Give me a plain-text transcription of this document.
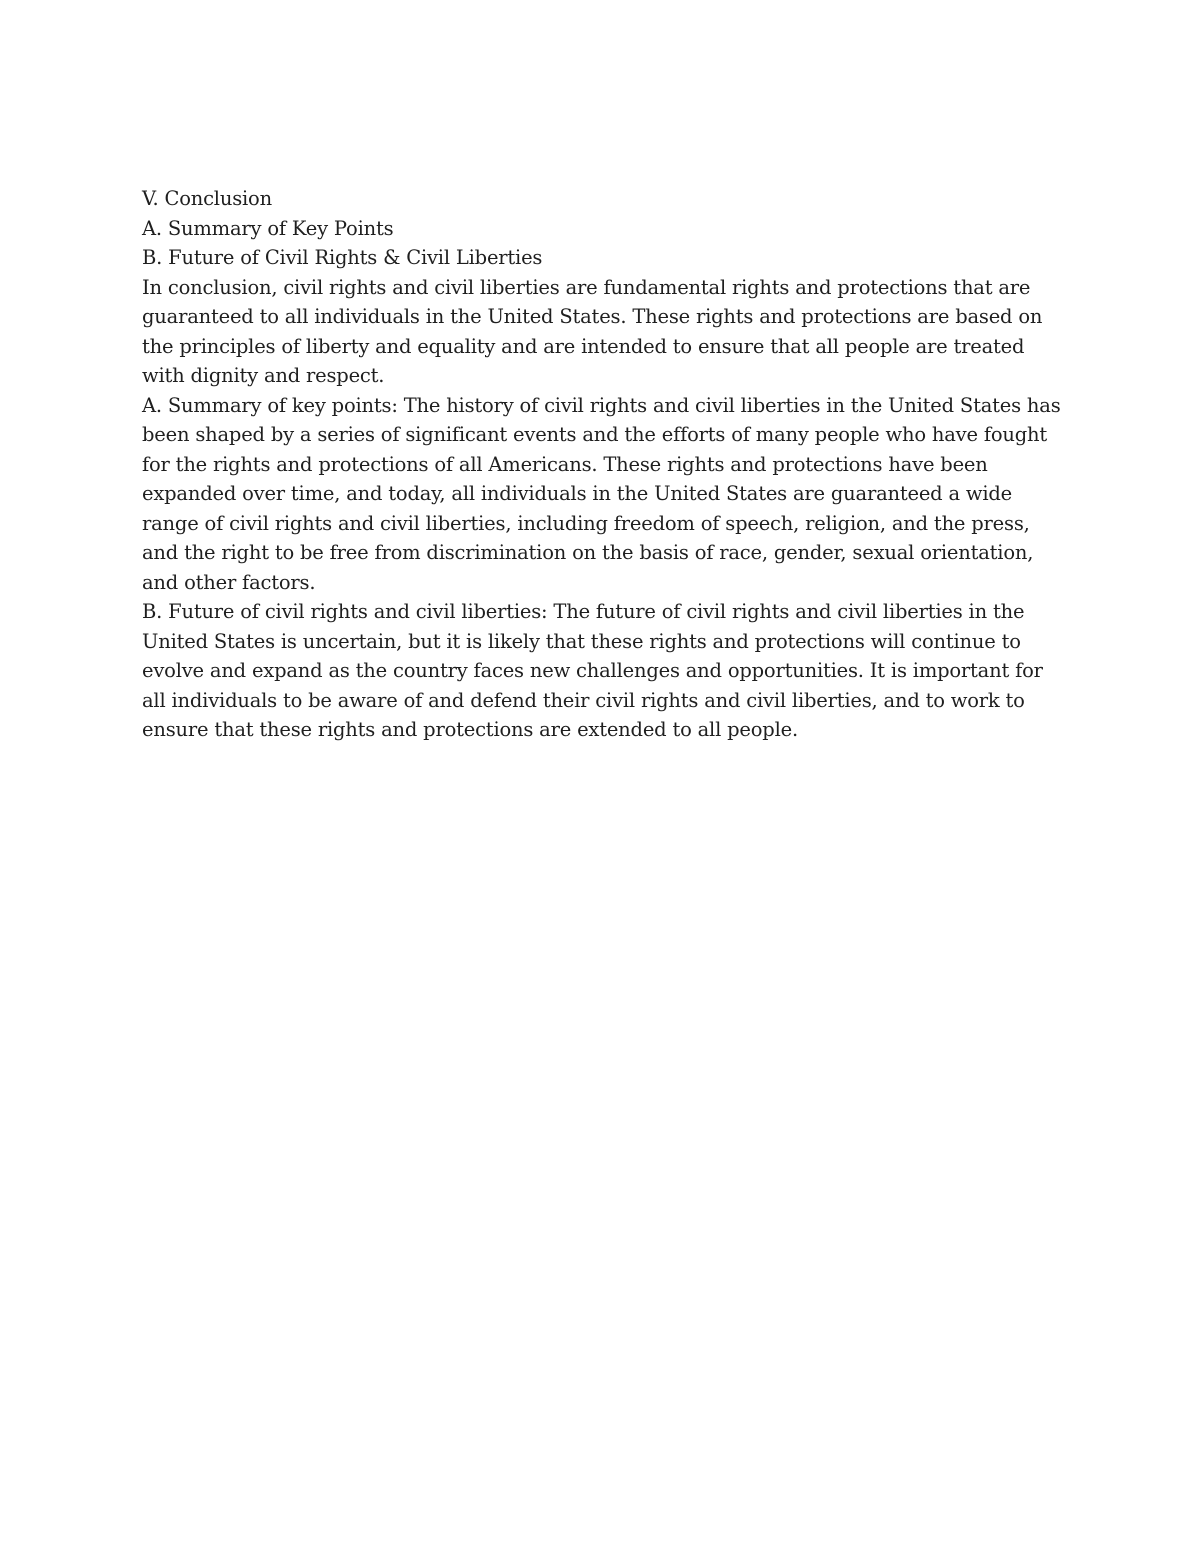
V. Conclusion

A. Summary of Key Points

B. Future of Civil Rights & Civil Liberties

In conclusion, civil rights and civil liberties are fundamental rights and protections that are guaranteed to all individuals in the United States. These rights and protections are based on the principles of liberty and equality and are intended to ensure that all people are treated with dignity and respect.

A. Summary of key points: The history of civil rights and civil liberties in the United States has been shaped by a series of significant events and the efforts of many people who have fought for the rights and protections of all Americans. These rights and protections have been expanded over time, and today, all individuals in the United States are guaranteed a wide range of civil rights and civil liberties, including freedom of speech, religion, and the press, and the right to be free from discrimination on the basis of race, gender, sexual orientation, and other factors.

B. Future of civil rights and civil liberties: The future of civil rights and civil liberties in the United States is uncertain, but it is likely that these rights and protections will continue to evolve and expand as the country faces new challenges and opportunities. It is important for all individuals to be aware of and defend their civil rights and civil liberties, and to work to ensure that these rights and protections are extended to all people.
